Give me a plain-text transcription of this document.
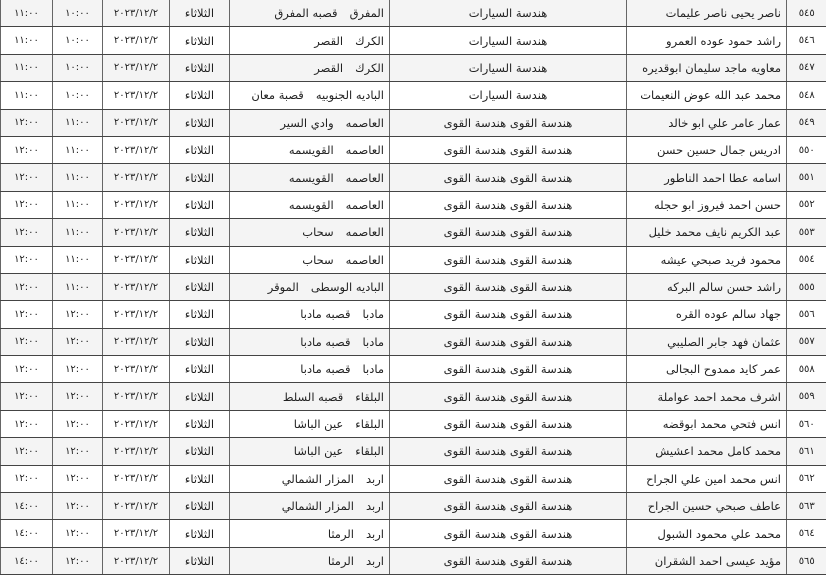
٥٤٥	ناصر يحيى ناصر عليمات	هندسة السيارات	المفرققصبه المفرق	الثلاثاء	٢٠٢٣/١٢/٢	١٠:٠٠	١١:٠٠
٥٤٦	راشد حمود عوده العمرو	هندسة السيارات	الكركالقصر	الثلاثاء	٢٠٢٣/١٢/٢	١٠:٠٠	١١:٠٠
٥٤٧	معاويه ماجد سليمان ابوقديره	هندسة السيارات	الكركالقصر	الثلاثاء	٢٠٢٣/١٢/٢	١٠:٠٠	١١:٠٠
٥٤٨	محمد عبد الله عوض النعيمات	هندسة السيارات	الباديه الجنوبيهقصبة معان	الثلاثاء	٢٠٢٣/١٢/٢	١٠:٠٠	١١:٠٠
٥٤٩	عمار عامر علي ابو خالد	هندسة القوى هندسة القوى	العاصمهوادي السير	الثلاثاء	٢٠٢٣/١٢/٢	١١:٠٠	١٢:٠٠
٥٥٠	ادريس جمال حسين حسن	هندسة القوى هندسة القوى	العاصمهالقويسمه	الثلاثاء	٢٠٢٣/١٢/٢	١١:٠٠	١٢:٠٠
٥٥١	اسامه عطا احمد الناطور	هندسة القوى هندسة القوى	العاصمهالقويسمه	الثلاثاء	٢٠٢٣/١٢/٢	١١:٠٠	١٢:٠٠
٥٥٢	حسن احمد فيروز ابو حجله	هندسة القوى هندسة القوى	العاصمهالقويسمه	الثلاثاء	٢٠٢٣/١٢/٢	١١:٠٠	١٢:٠٠
٥٥٣	عبد الكريم نايف محمد خليل	هندسة القوى هندسة القوى	العاصمهسحاب	الثلاثاء	٢٠٢٣/١٢/٢	١١:٠٠	١٢:٠٠
٥٥٤	محمود فريد صبحي عيشه	هندسة القوى هندسة القوى	العاصمهسحاب	الثلاثاء	٢٠٢٣/١٢/٢	١١:٠٠	١٢:٠٠
٥٥٥	راشد حسن سالم البركه	هندسة القوى هندسة القوى	الباديه الوسطىالموقر	الثلاثاء	٢٠٢٣/١٢/٢	١١:٠٠	١٢:٠٠
٥٥٦	جهاد سالم عوده القره	هندسة القوى هندسة القوى	مادباقصبه مادبا	الثلاثاء	٢٠٢٣/١٢/٢	١٢:٠٠	١٢:٠٠
٥٥٧	عثمان فهد جابر الصليبي	هندسة القوى هندسة القوى	مادباقصبه مادبا	الثلاثاء	٢٠٢٣/١٢/٢	١٢:٠٠	١٢:٠٠
٥٥٨	عمر كايد ممدوح البجالى	هندسة القوى هندسة القوى	مادباقصبه مادبا	الثلاثاء	٢٠٢٣/١٢/٢	١٢:٠٠	١٢:٠٠
٥٥٩	اشرف محمد احمد عواملة	هندسة القوى هندسة القوى	البلقاءقصبه السلط	الثلاثاء	٢٠٢٣/١٢/٢	١٢:٠٠	١٢:٠٠
٥٦٠	انس فتحي محمد ابوقضه	هندسة القوى هندسة القوى	البلقاءعين الباشا	الثلاثاء	٢٠٢٣/١٢/٢	١٢:٠٠	١٢:٠٠
٥٦١	محمد كامل محمد اعشيش	هندسة القوى هندسة القوى	البلقاءعين الباشا	الثلاثاء	٢٠٢٣/١٢/٢	١٢:٠٠	١٢:٠٠
٥٦٢	انس محمد امين علي الجراح	هندسة القوى هندسة القوى	اربدالمزار الشمالي	الثلاثاء	٢٠٢٣/١٢/٢	١٢:٠٠	١٢:٠٠
٥٦٣	عاطف صبحي حسين الجراح	هندسة القوى هندسة القوى	اربدالمزار الشمالي	الثلاثاء	٢٠٢٣/١٢/٢	١٢:٠٠	١٤:٠٠
٥٦٤	محمد علي محمود الشبول	هندسة القوى هندسة القوى	اربدالرمثا	الثلاثاء	٢٠٢٣/١٢/٢	١٢:٠٠	١٤:٠٠
٥٦٥	مؤيد عيسى احمد الشقران	هندسة القوى هندسة القوى	اربدالرمثا	الثلاثاء	٢٠٢٣/١٢/٢	١٢:٠٠	١٤:٠٠
